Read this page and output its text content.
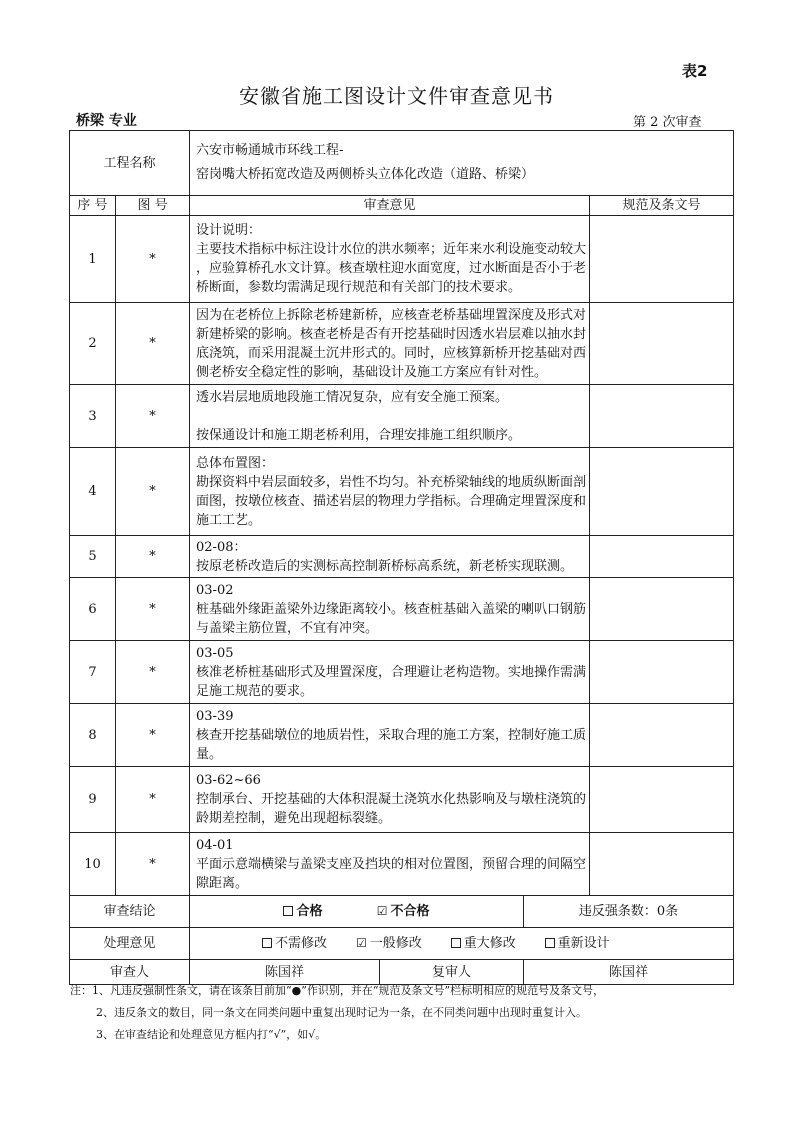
表2
安徽省施工图设计文件审查意见书
桥梁 专业	第 2 次审查
工程名称		六安市畅通城市环线工程-
窑岗嘴大桥拓宽改造及两侧桥头立体化改造（道路、桥梁）			

序 号	图 号	审查意见			规范及条文号
1	*	设计说明：
主要技术指标中标注设计水位的洪水频率；近年来水利设施变动较大
，应验算桥孔水文计算。核查墩柱迎水面宽度，过水断面是否小于老
桥断面，参数均需满足现行规范和有关部门的技术要求。			

2	*	因为在老桥位上拆除老桥建新桥，应核查老桥基础埋置深度及形式对
新建桥梁的影响。核查老桥是否有开挖基础时因透水岩层难以抽水封
底浇筑，而采用混凝土沉井形式的。同时，应核算新桥开挖基础对西
侧老桥安全稳定性的影响，基础设计及施工方案应有针对性。			

3	*	透水岩层地质地段施工情况复杂，应有安全施工预案。
按保通设计和施工期老桥利用，合理安排施工组织顺序。			

4	*	总体布置图：
勘探资料中岩层面较多，岩性不均匀。补充桥梁轴线的地质纵断面剖
面图，按墩位核查、描述岩层的物理力学指标。合理确定埋置深度和
施工工艺。			

5	*	02-08：
按原老桥改造后的实测标高控制新桥标高系统，新老桥实现联测。			

6	*	03-02
桩基础外缘距盖梁外边缘距离较小。核查桩基础入盖梁的喇叭口钢筋
与盖梁主筋位置，不宜有冲突。			

7	*	03-05
核准老桥桩基础形式及埋置深度，合理避让老构造物。实地操作需满
足施工规范的要求。			

8	*	03-39
核查开挖基础墩位的地质岩性，采取合理的施工方案，控制好施工质
量。			

9	*	03-62~66
控制承台、开挖基础的大体积混凝土浇筑水化热影响及与墩柱浇筑的
龄期差控制，避免出现超标裂缝。			

10	*	04-01
平面示意端横梁与盖梁支座及挡块的相对位置图，预留合理的间隔空
隙距离。			

审查结论		合格 ☑ 不合格		违反强条数：0条	
处理意见		不需修改 ☑ 一般修改 重大修改 重新设计			
审查人		陈国祥	复审人	陈国祥	
注：1、凡违反强制性条文，请在该条目前加“●”作识别，并在“规范及条文号”栏标明相应的规范号及条文号，
2、违反条文的数目，同一条文在同类问题中重复出现时记为一条，在不同类问题中出现时重复计入。
3、在审查结论和处理意见方框内打“√”，如√。
